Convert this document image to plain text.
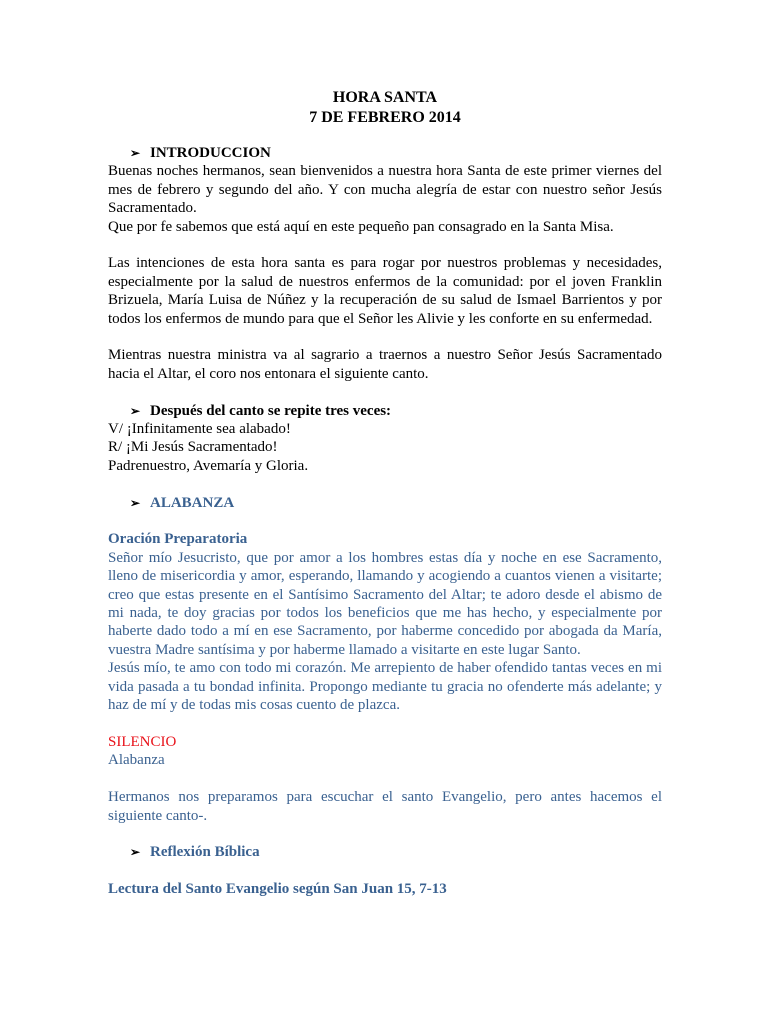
HORA SANTA
7 DE FEBRERO 2014
➢ INTRODUCCION

Buenas noches hermanos, sean bienvenidos a nuestra hora Santa de este primer viernes del mes de febrero y segundo del año. Y con mucha alegría de estar con nuestro señor Jesús Sacramentado.

Que por fe sabemos que está aquí en este pequeño pan consagrado en la Santa Misa.

Las intenciones de esta hora santa es para rogar por nuestros problemas y necesidades, especialmente por la salud de nuestros enfermos de la comunidad: por el joven Franklin Brizuela, María Luisa de Núñez y la recuperación de su salud de Ismael Barrientos y por todos los enfermos de mundo para que el Señor les Alivie y les conforte en su enfermedad.

Mientras nuestra ministra va al sagrario a traernos a nuestro Señor Jesús Sacramentado hacia el Altar, el coro nos entonara el siguiente canto.

➢ Después del canto se repite tres veces:

V/ ¡Infinitamente sea alabado!

R/ ¡Mi Jesús Sacramentado!

Padrenuestro, Avemaría y Gloria.

➢ ALABANZA

Oración Preparatoria

Señor mío Jesucristo, que por amor a los hombres estas día y noche en ese Sacramento, lleno de misericordia y amor, esperando, llamando y acogiendo a cuantos vienen a visitarte; creo que estas presente en el Santísimo Sacramento del Altar; te adoro desde el abismo de mi nada, te doy gracias por todos los beneficios que me has hecho, y especialmente por haberte dado todo a mí en ese Sacramento, por haberme concedido por abogada da María, vuestra Madre santísima y por haberme llamado a visitarte en este lugar Santo.

Jesús mío, te amo con todo mi corazón. Me arrepiento de haber ofendido tantas veces en mi vida pasada a tu bondad infinita. Propongo mediante tu gracia no ofenderte más adelante; y haz de mí y de todas mis cosas cuento de plazca.

SILENCIO

Alabanza

Hermanos nos preparamos para escuchar el santo Evangelio, pero antes hacemos el siguiente canto-.

➢ Reflexión Bíblica

Lectura del Santo Evangelio según San Juan 15, 7-13
